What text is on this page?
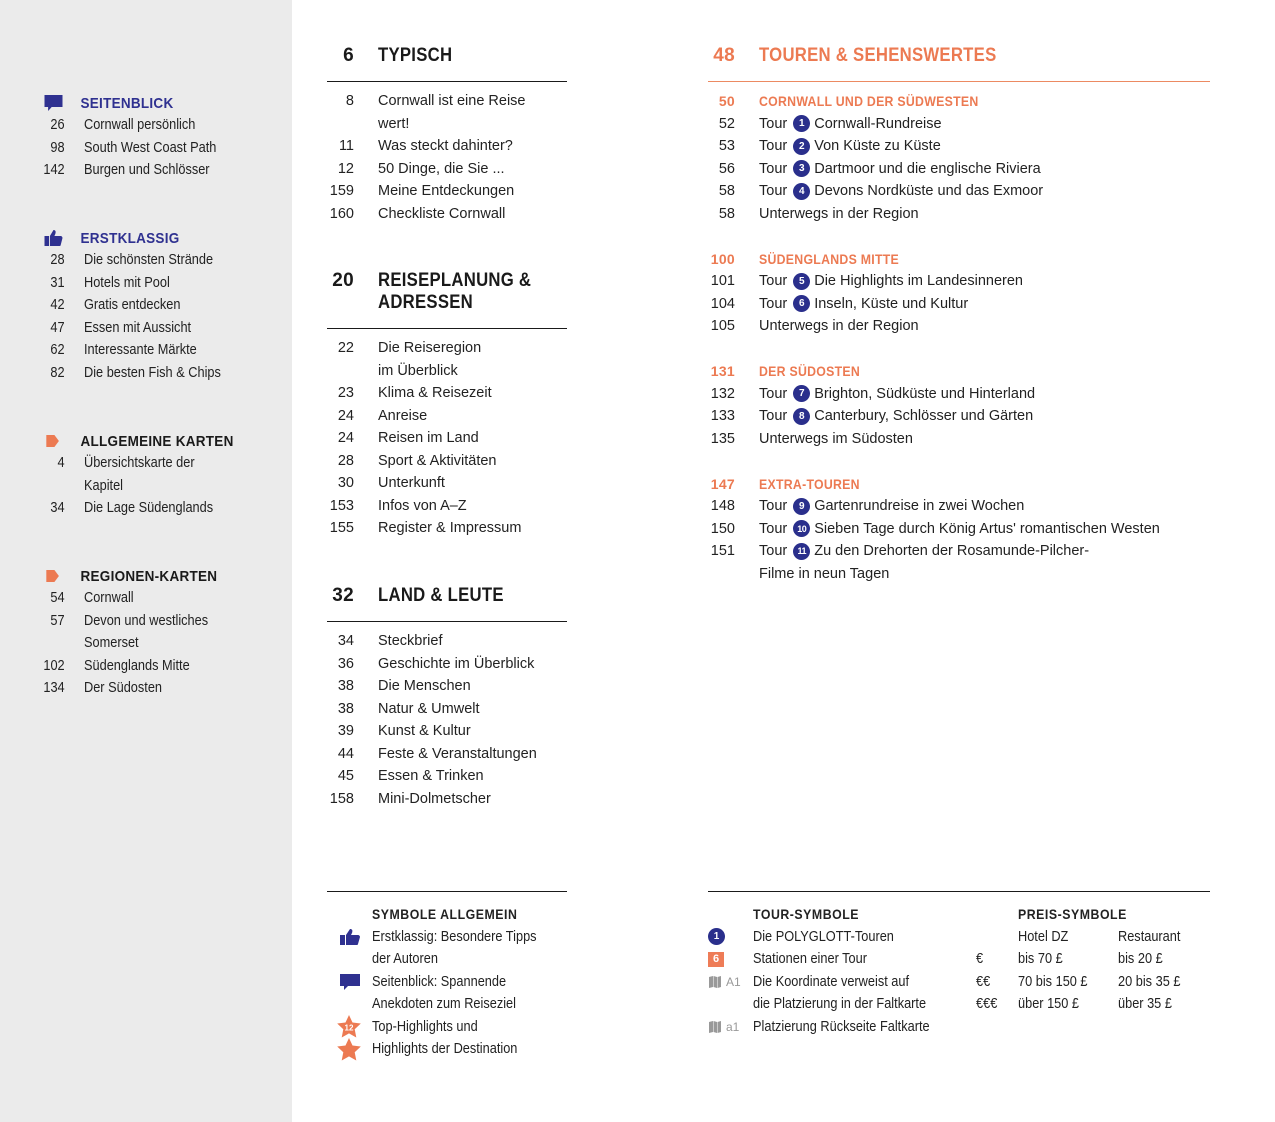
SEITENBLICK
26 Cornwall persönlich
98 South West Coast Path
142 Burgen und Schlösser
ERSTKLASSIG
28 Die schönsten Strände
31 Hotels mit Pool
42 Gratis entdecken
47 Essen mit Aussicht
62 Interessante Märkte
82 Die besten Fish & Chips
ALLGEMEINE KARTEN
4 Übersichtskarte der
Kapitel
34 Die Lage Südenglands
REGIONEN-KARTEN
54 Cornwall
57 Devon und westliches
Somerset
102 Südenglands Mitte
134 Der Südosten
6 TYPISCH
8 Cornwall ist eine Reise
wert!
11 Was steckt dahinter?
12 50 Dinge, die Sie ...
159 Meine Entdeckungen
160 Checkliste Cornwall
20 REISEPLANUNG &
ADRESSEN
22 Die Reiseregion
im Überblick
23 Klima & Reisezeit
24 Anreise
24 Reisen im Land
28 Sport & Aktivitäten
30 Unterkunft
153 Infos von A–Z
155 Register & Impressum
32 LAND & LEUTE
34 Steckbrief
36 Geschichte im Überblick
38 Die Menschen
38 Natur & Umwelt
39 Kunst & Kultur
44 Feste & Veranstaltungen
45 Essen & Trinken
158 Mini-Dolmetscher
48 TOUREN & SEHENSWERTES
50 CORNWALL UND DER SÜDWESTEN
52 Tour	1 Cornwall-Rundreise
53 Tour	2 Von Küste zu Küste
56 Tour	3 Dartmoor und die englische Riviera
58 Tour	4 Devons Nordküste und das Exmoor
58 Unterwegs in der Region
100 SÜDENGLANDS MITTE
101 Tour	5 Die Highlights im Landesinneren
104 Tour	6 Inseln, Küste und Kultur
105 Unterwegs in der Region
131 DER SÜDOSTEN
132 Tour	7 Brighton, Südküste und Hinterland
133 Tour	8 Canterbury, Schlösser und Gärten
135 Unterwegs im Südosten
147 EXTRA-TOUREN
148 Tour	9 Gartenrundreise in zwei Wochen
150 Tour	10 Sieben Tage durch König Artus' romantischen Westen
151 Tour	11 Zu den Drehorten der Rosamunde-Pilcher-
Filme in neun Tagen
SYMBOLE ALLGEMEIN
Erstklassig: Besondere Tipps
der Autoren
Seitenblick: Spannende
Anekdoten zum Reiseziel
12 Top-Highlights und
Highlights der Destination
TOUR-SYMBOLE
1	Die POLYGLOTT-Touren
6	Stationen einer Tour
A1 Die Koordinate verweist auf
die Platzierung in der Faltkarte
a1 Platzierung Rückseite Faltkarte
PREIS-SYMBOLE
Hotel DZ	Restaurant
€	bis 70 £	bis 20 £
€€	70 bis 150 £	20 bis 35 £
€€€	über 150 £	über 35 £
